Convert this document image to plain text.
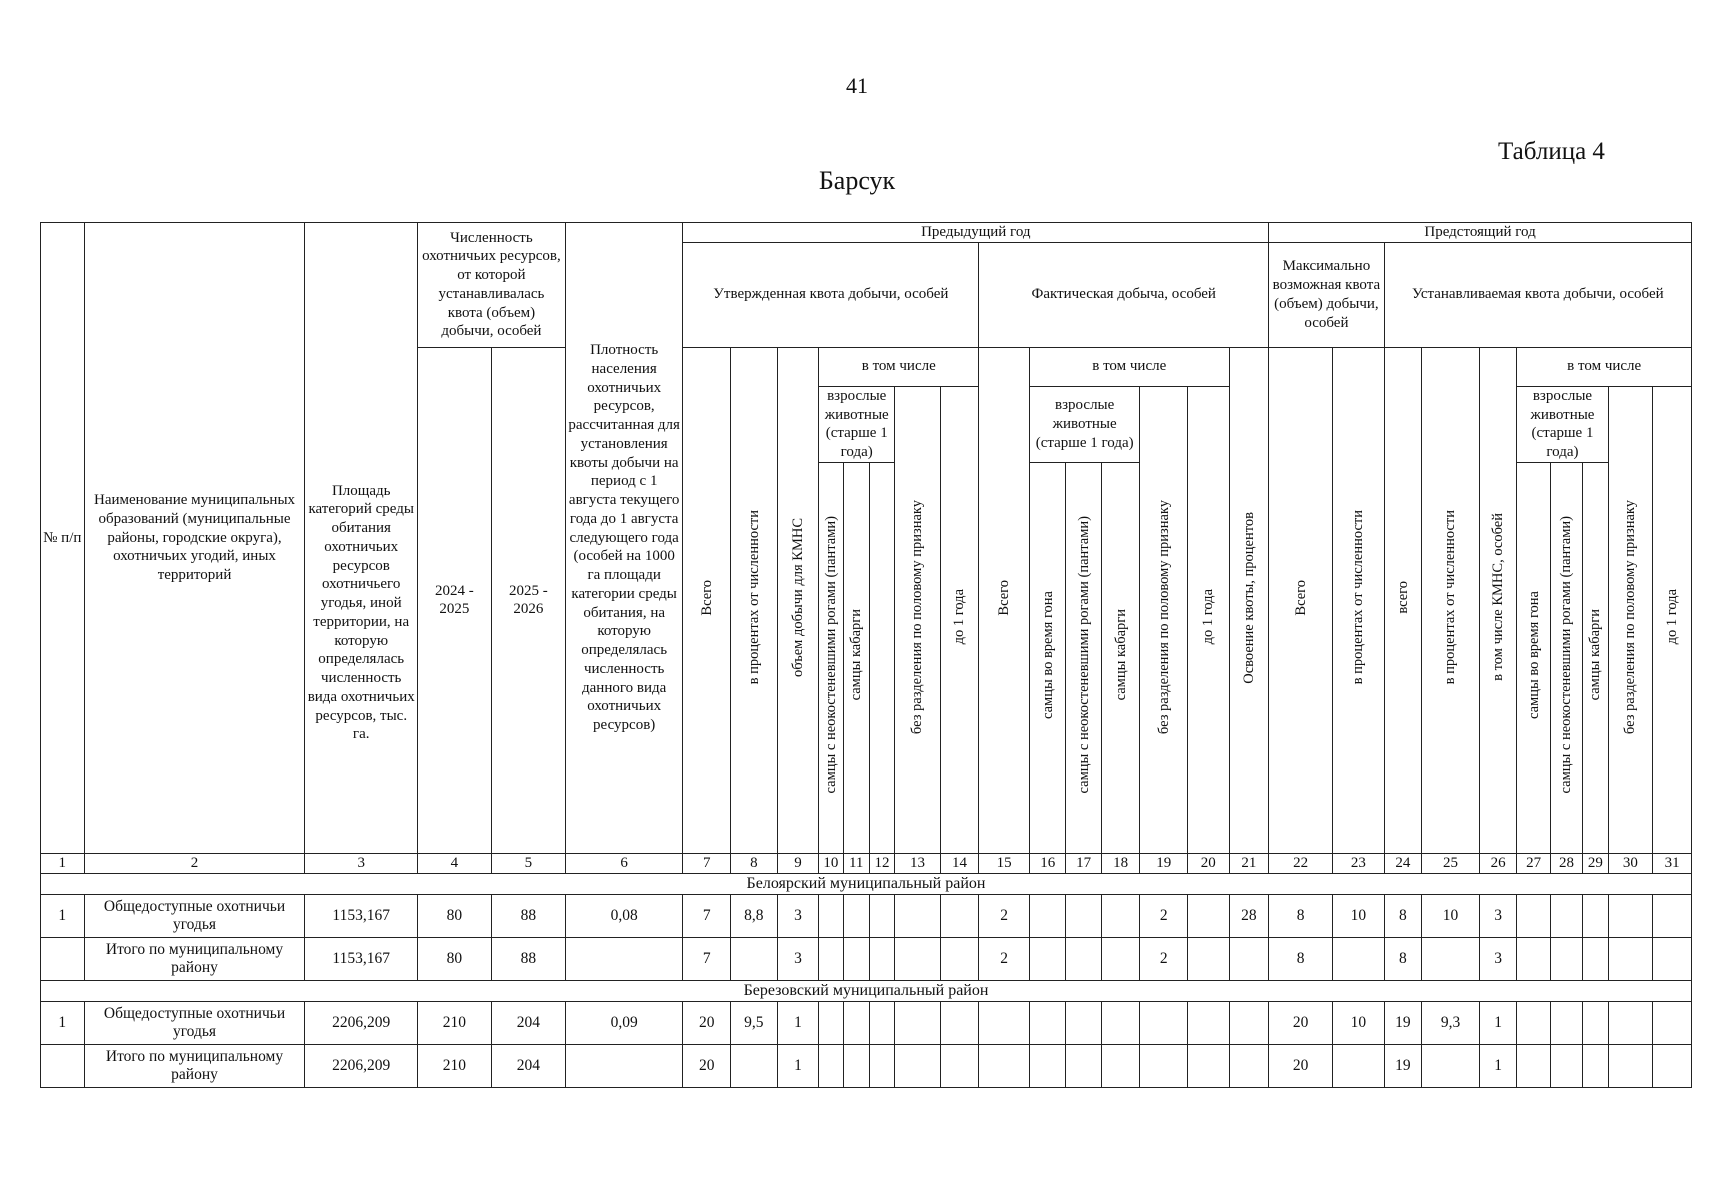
41
Таблица 4
Барсук
№ п/п	Наименование муниципальных образований (муниципальные районы, городские округа), охотничьих угодий, иных территорий	Площадь категорий среды обитания охотничьих ресурсов охотничьего угодья, иной территории, на которую определялась численность вида охотничьих ресурсов, тыс. га.	Численность охотничьих ресурсов, от которой устанавливалась квота (объем) добычи, особей		Плотность населения охотничьих ресурсов, рассчитанная для установления квоты добычи на период с 1 августа текущего года до 1 августа следующего года (особей на 1000 га площади категории среды обитания, на которую определялась численность данного вида охотничьих ресурсов)	Предыдущий год															Предстоящий год									
						Утвержденная квота добычи, особей								Фактическая добыча, особей							Максимально возможная квота (объем) добычи, особей		Устанавливаемая квота добычи, особей							
			2024 - 2025	2025 - 2026		Всего	в процентах от численности	объем добычи для КМНС	в том числе					Всего	в том числе					Освоение квоты, процентов	Всего	в процентах от численности	всего	в процентах от численности	в том числе КМНС, особей	в том числе				
									взрослые животные (старше 1 года)			без разделения по половому признаку	до 1 года		взрослые животные (старше 1 года)			без разделения по половому признаку	до 1 года							взрослые животные (старше 1 года)			без разделения по половому признаку	до 1 года
									самцы с неокостеневшими рогами (пантами)	самцы кабарги					самцы во время гона	самцы с неокостеневшими рогами (пантами)	самцы кабарги									самцы во время гона	самцы с неокостеневшими рогами (пантами)	самцы кабарги		
1	2	3	4	5	6	7	8	9	10	11	12	13	14	15	16	17	18	19	20	21	22	23	24	25	26	27	28	29	30	31
Белоярский муниципальный район																														
1	Общедоступные охотничьи угодья	1153,167	80	88	0,08	7	8,8	3						2				2		28	8	10	8	10	3					
	Итого по муниципальному району	1153,167	80	88		7		3						2				2			8		8		3					
Березовский муниципальный район																														
1	Общедоступные охотничьи угодья	2206,209	210	204	0,09	20	9,5	1													20	10	19	9,3	1					
	Итого по муниципальному району	2206,209	210	204		20		1													20		19		1					
